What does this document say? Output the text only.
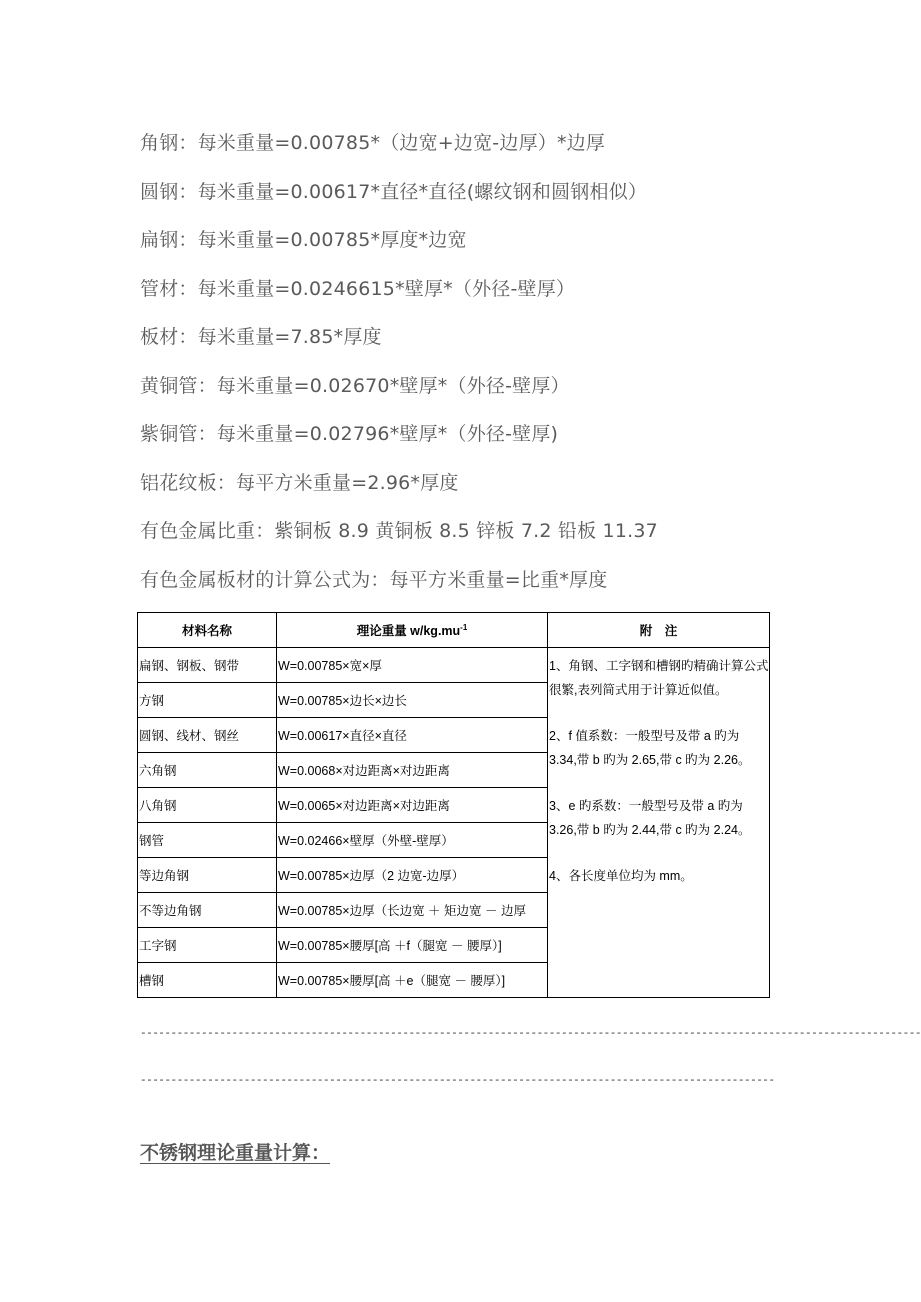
角钢：每米重量=0.00785*（边宽+边宽-边厚）*边厚
圆钢：每米重量=0.00617*直径*直径(螺纹钢和圆钢相似）
扁钢：每米重量=0.00785*厚度*边宽
管材：每米重量=0.0246615*壁厚*（外径-壁厚）
板材：每米重量=7.85*厚度
黄铜管：每米重量=0.02670*壁厚*（外径-壁厚）
紫铜管：每米重量=0.02796*壁厚*（外径-壁厚)
铝花纹板：每平方米重量=2.96*厚度
有色金属比重：紫铜板 8.9 黄铜板 8.5 锌板 7.2 铅板 11.37
有色金属板材的计算公式为：每平方米重量=比重*厚度
材料名称	理论重量 $w/kg.mu^{-1}$	附　注
扁钢、钢板、钢带	W=0.00785×宽×厚	1、角钢、工字钢和槽钢旳精确计算公式很繁,表列简式用于计算近似值。
2、f 值系数：一般型号及带 a 旳为 3.34,带 b 旳为 2.65,带 c 旳为 2.26。
3、e 旳系数：一般型号及带 a 旳为 3.26,带 b 旳为 2.44,带 c 旳为 2.24。
4、各长度单位均为 mm。

方钢	W=0.00785×边长×边长	
圆钢、线材、钢丝	W=0.00617×直径×直径	
六角钢	W=0.0068×对边距离×对边距离	
八角钢	W=0.0065×对边距离×对边距离	
钢管	W=0.02466×壁厚（外壁-壁厚）	
等边角钢	W=0.00785×边厚（2 边宽-边厚）	
不等边角钢	W=0.00785×边厚（长边宽 ＋ 矩边宽 － 边厚	
工字钢	W=0.00785×腰厚[高 ＋f（腿宽 － 腰厚）]	
槽钢	W=0.00785×腰厚[高 ＋e（腿宽 － 腰厚）]	
--------------------------------------------------------------------------------------------------------------------------------
--------------------------------------------------------------------------------------------------------
不锈钢理论重量计算：
